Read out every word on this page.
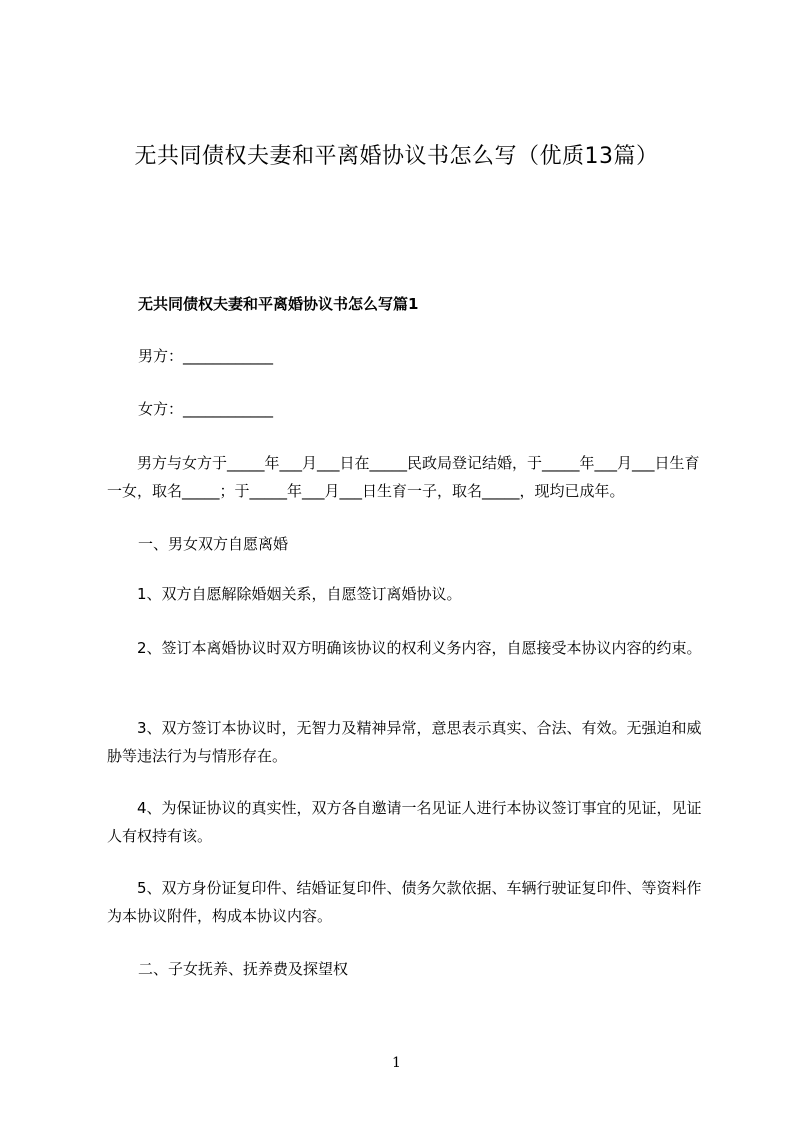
无共同债权夫妻和平离婚协议书怎么写（优质13篇）
无共同债权夫妻和平离婚协议书怎么写篇1
男方：____________
女方：____________
男方与女方于_____年___月___日在_____民政局登记结婚，于_____年___月___日生育一女，取名_____；于_____年___月___日生育一子，取名_____，现均已成年。
一、男女双方自愿离婚
1、双方自愿解除婚姻关系，自愿签订离婚协议。
2、签订本离婚协议时双方明确该协议的权利义务内容，自愿接受本协议内容的约束。
3、双方签订本协议时，无智力及精神异常，意思表示真实、合法、有效。无强迫和威胁等违法行为与情形存在。
4、为保证协议的真实性，双方各自邀请一名见证人进行本协议签订事宜的见证，见证人有权持有该。
5、双方身份证复印件、结婚证复印件、债务欠款依据、车辆行驶证复印件、等资料作为本协议附件，构成本协议内容。
二、子女抚养、抚养费及探望权
1
